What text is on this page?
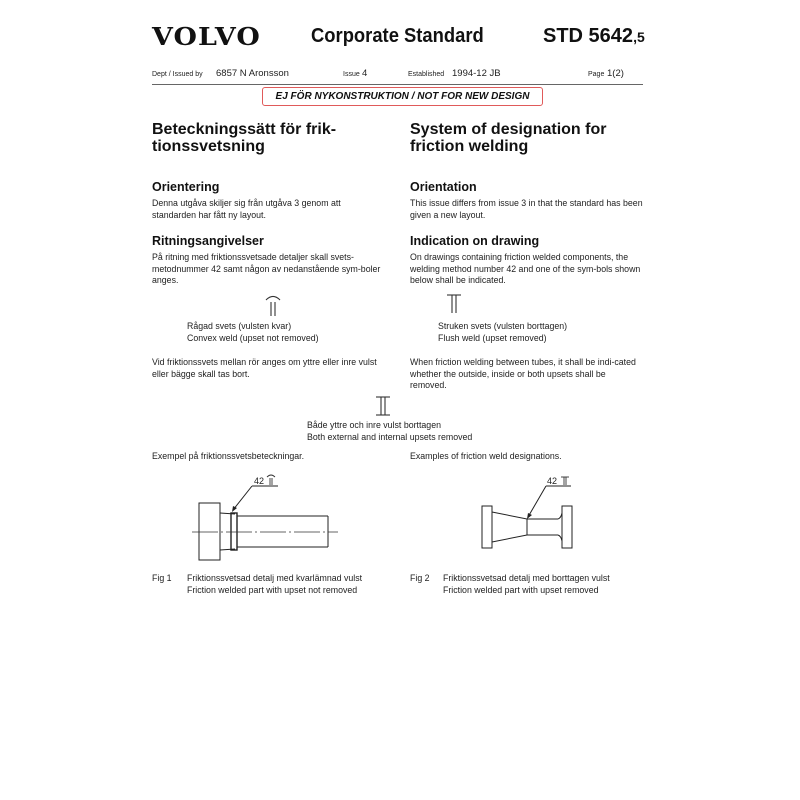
VOLVO	Corporate Standard	STD 5642,5
Dept / Issued by 6857 N Aronsson	Issue 4	Established 1994-12 JB	Page 1(2)
EJ FÖR NYKONSTRUKTION / NOT FOR NEW DESIGN
Beteckningssätt för frik-tionssvetsning
System of designation for friction welding
Orientering
Denna utgåva skiljer sig från utgåva 3 genom att standarden har fått ny layout.
Orientation
This issue differs from issue 3 in that the standard has been given a new layout.
Ritningsangivelser
På ritning med friktionssvetsade detaljer skall svets-metodnummer 42 samt någon av nedanstående sym-boler anges.
Indication on drawing
On drawings containing friction welded components, the welding method number 42 and one of the sym-bols shown below shall be indicated.
Rågad svets (vulsten kvar)
Convex weld (upset not removed)
Struken svets (vulsten borttagen)
Flush weld (upset removed)
Vid friktionssvets mellan rör anges om yttre eller inre vulst eller bägge skall tas bort.
When friction welding between tubes, it shall be indi-cated whether the outside, inside or both upsets shall be removed.
Både yttre och inre vulst borttagen
Both external and internal upsets removed
Exempel på friktionssvetsbeteckningar.	Examples of friction weld designations.
42	42
Fig 1 Friktionssvetsad detalj med kvarlämnad vulst
Friction welded part with upset not removed
Fig 2 Friktionssvetsad detalj med borttagen vulst
Friction welded part with upset removed
